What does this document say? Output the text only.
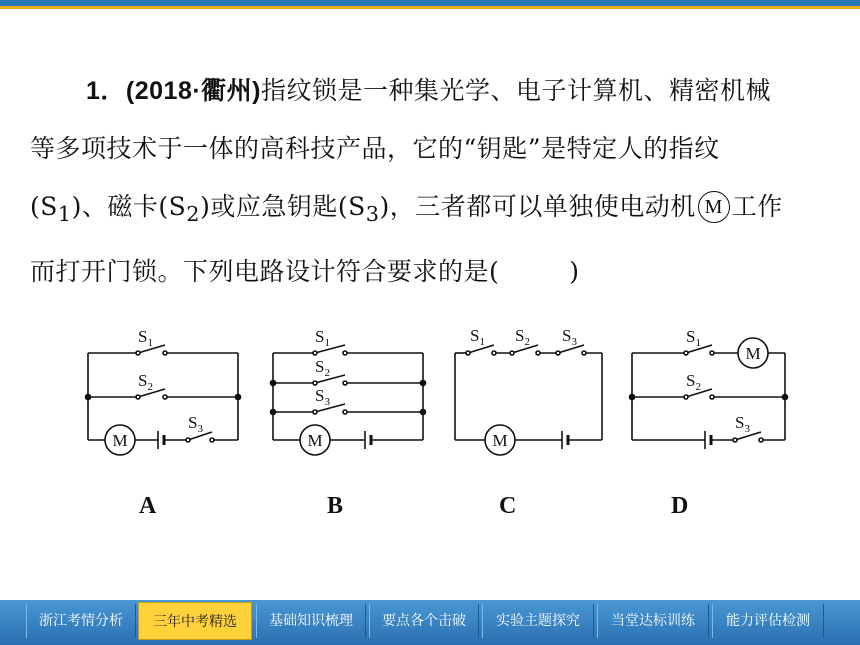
1．(2018·衢州)指纹锁是一种集光学、电子计算机、精密机械
等多项技术于一体的高科技产品，它的“钥匙”是特定人的指纹
$(S_1)$、磁卡$(S_2)$或应急钥匙$(S_3)$，三者都可以单独使电动机 M 工作
而打开门锁。下列电路设计符合要求的是(	)
$S_1$
$S_2$
$S_3$
M
$S_1$
$S_2$
$S_3$
M
$S_1$ $S_2$ $S_3$
M
$S_1$
$S_2$
$S_3$
M
A	B	C	D
浙江考情分析	三年中考精选	基础知识梳理	要点各个击破	实验主题探究	当堂达标训练	能力评估检测
